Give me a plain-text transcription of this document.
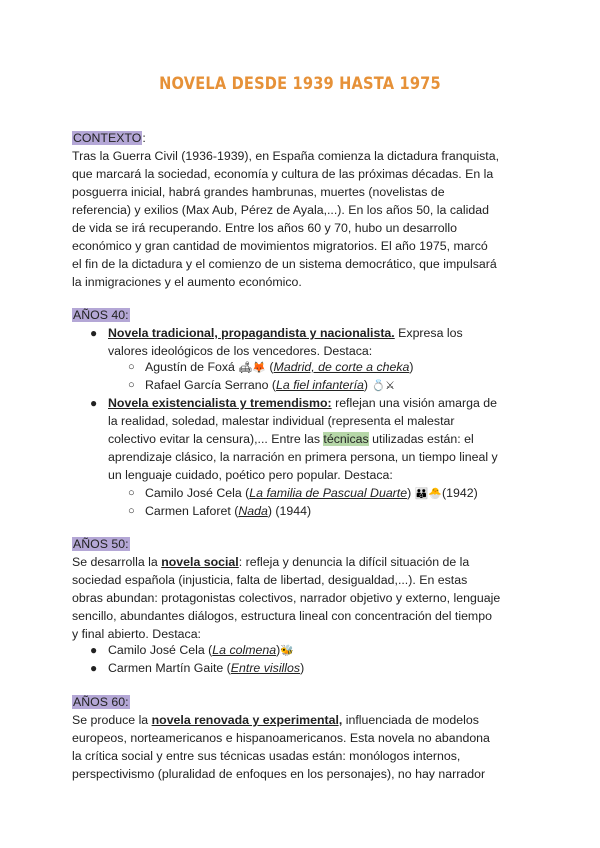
NOVELA DESDE 1939 HASTA 1975
CONTEXTO:
Tras la Guerra Civil (1936-1939), en España comienza la dictadura franquista,
que marcará la sociedad, economía y cultura de las próximas décadas. En la
posguerra inicial, habrá grandes hambrunas, muertes (novelistas de
referencia) y exilios (Max Aub, Pérez de Ayala,...). En los años 50, la calidad
de vida se irá recuperando. Entre los años 60 y 70, hubo un desarrollo
económico y gran cantidad de movimientos migratorios. El año 1975, marcó
el fin de la dictadura y el comienzo de un sistema democrático, que impulsará
la inmigraciones y el aumento económico.
AÑOS 40:
● Novela tradicional, propagandista y nacionalista. Expresa los
valores ideológicos de los vencedores. Destaca:
○ Agustín de Foxá 🛋🦊 (Madrid, de corte a cheka)
○ Rafael García Serrano (La fiel infantería) 💍⚔
● Novela existencialista y tremendismo: reflejan una visión amarga de
la realidad, soledad, malestar individual (representa el malestar
colectivo evitar la censura),... Entre las técnicas utilizadas están: el
aprendizaje clásico, la narración en primera persona, un tiempo lineal y
un lenguaje cuidado, poético pero popular. Destaca:
○ Camilo José Cela (La familia de Pascual Duarte) 👪🐣(1942)
○ Carmen Laforet (Nada) (1944)
AÑOS 50:
Se desarrolla la novela social: refleja y denuncia la difícil situación de la
sociedad española (injusticia, falta de libertad, desigualdad,...). En estas
obras abundan: protagonistas colectivos, narrador objetivo y externo, lenguaje
sencillo, abundantes diálogos, estructura lineal con concentración del tiempo
y final abierto. Destaca:
● Camilo José Cela (La colmena)🐝
● Carmen Martín Gaite (Entre visillos)
AÑOS 60:
Se produce la novela renovada y experimental, influenciada de modelos
europeos, norteamericanos e hispanoamericanos. Esta novela no abandona
la crítica social y entre sus técnicas usadas están: monólogos internos,
perspectivismo (pluralidad de enfoques en los personajes), no hay narrador
